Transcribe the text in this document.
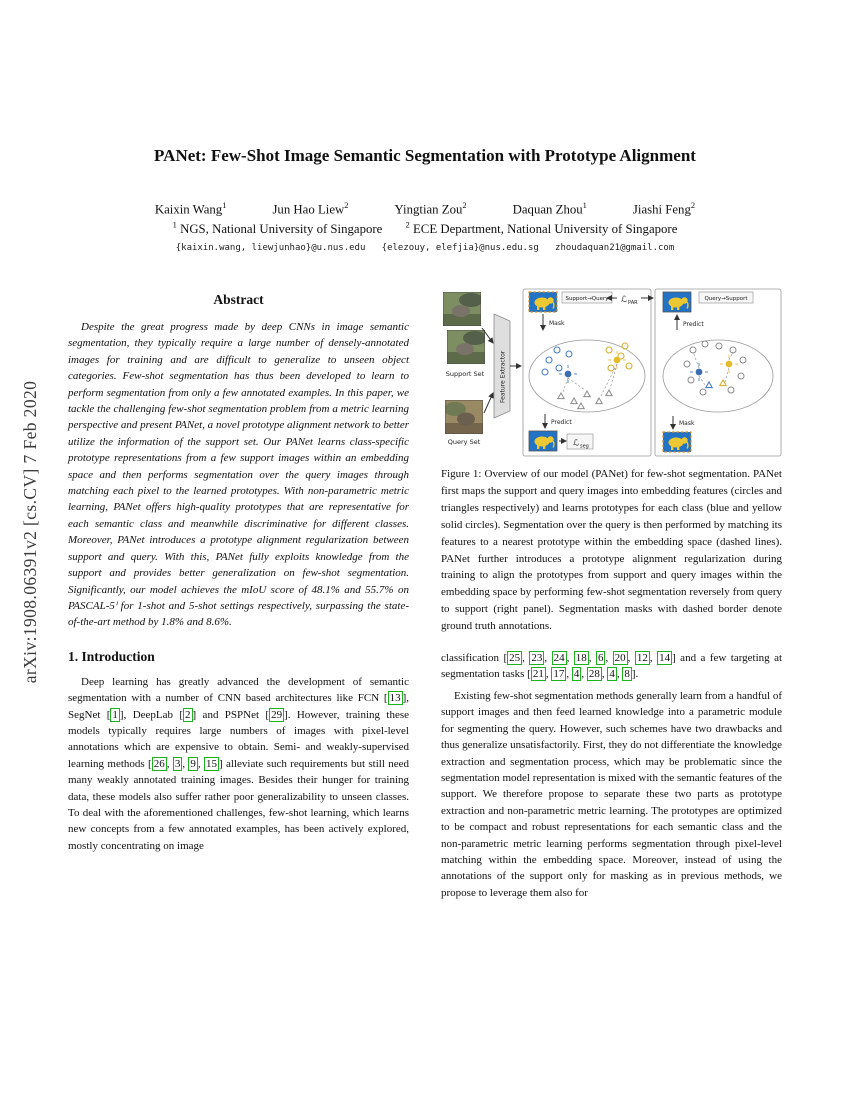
arXiv:1908.06391v2 [cs.CV] 7 Feb 2020
PANet: Few-Shot Image Semantic Segmentation with Prototype Alignment
Kaixin Wang$^1$	Jun Hao Liew$^2$	Yingtian Zou$^2$	Daquan Zhou$^1$	Jiashi Feng$^2$
$^1$ NGS, National University of Singapore	$^2$ ECE Department, National University of Singapore
{kaixin.wang, liewjunhao}@u.nus.edu   {elezouy, elefjia}@nus.edu.sg   zhoudaquan21@gmail.com
Abstract

Despite the great progress made by deep CNNs in image semantic segmentation, they typically require a large number of densely-annotated images for training and are difficult to generalize to unseen object categories. Few-shot segmentation has thus been developed to learn to perform segmentation from only a few annotated examples. In this paper, we tackle the challenging few-shot segmentation problem from a metric learning perspective and present PANet, a novel prototype alignment network to better utilize the information of the support set. Our PANet learns class-specific prototype representations from a few support images within an embedding space and then performs segmentation over the query images through matching each pixel to the learned prototypes. With non-parametric metric learning, PANet offers high-quality prototypes that are representative for each semantic class and meanwhile discriminative for different classes. Moreover, PANet introduces a prototype alignment regularization between support and query. With this, PANet fully exploits knowledge from the support and provides better generalization on few-shot segmentation. Significantly, our model achieves the mIoU score of 48.1% and 55.7% on PASCAL-5ⁱ for 1-shot and 5-shot settings respectively, surpassing the state-of-the-art method by 1.8% and 8.6%.

1. Introduction

Deep learning has greatly advanced the development of semantic segmentation with a number of CNN based architectures like FCN [ 13 ], SegNet [ 1 ], DeepLab [ 2 ] and PSPNet [ 29 ]. However, training these models typically requires large numbers of images with pixel-level annotations which are expensive to obtain. Semi- and weakly-supervised learning methods [ 26 , 3 , 9 , 15 ] alleviate such requirements but still need many weakly annotated training images. Besides their hunger for training data, these models also suffer rather poor generalizability to unseen classes. To deal with the aforementioned challenges, few-shot learning, which learns new concepts from a few annotated examples, has been actively explored, mostly concentrating on image

Support Set
Query Set
Feature Extractor
Support→Query ℒ PAR
Mask
Predict
ℒ seg
Query→Support
Predict
Mask

Figure 1: Overview of our model (PANet) for few-shot segmentation. PANet first maps the support and query images into embedding features (circles and triangles respectively) and learns prototypes for each class (blue and yellow solid circles). Segmentation over the query is then performed by matching its features to a nearest prototype within the embedding space (dashed lines). PANet further introduces a prototype alignment regularization during training to align the prototypes from support and query images within the embedding space by performing few-shot segmentation reversely from query to support (right panel). Segmentation masks with dashed border denote ground truth annotations.

classification [ 25 , 23 , 24 , 18 , 6 , 20 , 12 , 14 ] and a few targeting at segmentation tasks [ 21 , 17 , 4 , 28 , 4 , 8 ].

Existing few-shot segmentation methods generally learn from a handful of support images and then feed learned knowledge into a parametric module for segmenting the query. However, such schemes have two drawbacks and thus generalize unsatisfactorily. First, they do not differentiate the knowledge extraction and segmentation process, which may be problematic since the segmentation model representation is mixed with the semantic features of the support. We therefore propose to separate these two parts as prototype extraction and non-parametric metric learning. The prototypes are optimized to be compact and robust representations for each semantic class and the non-parametric metric learning performs segmentation through pixel-level matching within the embedding space. Moreover, instead of using the annotations of the support only for masking as in previous methods, we propose to leverage them also for
